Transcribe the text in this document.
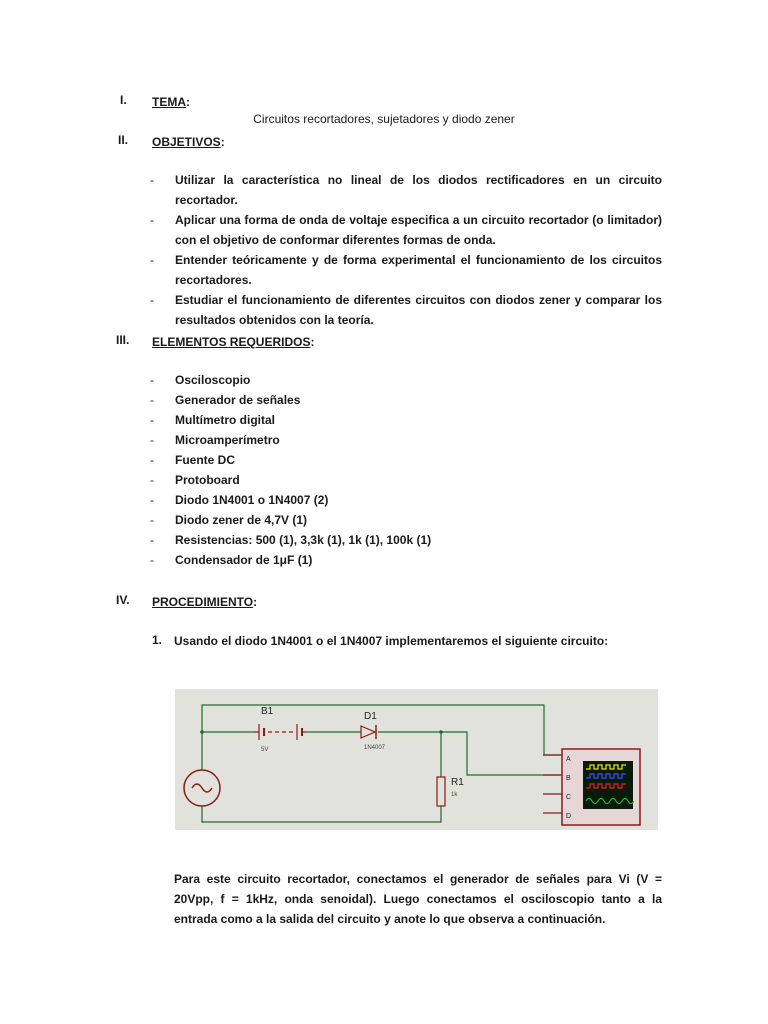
I. TEMA:
Circuitos recortadores, sujetadores y diodo zener
II. OBJETIVOS:
- Utilizar la característica no lineal de los diodos rectificadores en un circuito recortador.
- Aplicar una forma de onda de voltaje especifica a un circuito recortador (o limitador) con el objetivo de conformar diferentes formas de onda.
- Entender teóricamente y de forma experimental el funcionamiento de los circuitos recortadores.
- Estudiar el funcionamiento de diferentes circuitos con diodos zener y comparar los resultados obtenidos con la teoría.
III. ELEMENTOS REQUERIDOS:
- Osciloscopio
- Generador de señales
- Multímetro digital
- Microamperímetro
- Fuente DC
- Protoboard
- Diodo 1N4001 o 1N4007 (2)
- Diodo zener de 4,7V (1)
- Resistencias: 500 (1), 3,3k (1), 1k (1), 100k (1)
- Condensador de 1μF (1)
IV. PROCEDIMIENTO:
1. Usando el diodo 1N4001 o el 1N4007 implementaremos el siguiente circuito:
B1
5V
D1
1N4007
R1
1k
A
B
C
D
Para este circuito recortador, conectamos el generador de señales para Vi (V = 20Vpp, f = 1kHz, onda senoidal). Luego conectamos el osciloscopio tanto a la entrada como a la salida del circuito y anote lo que observa a continuación.
